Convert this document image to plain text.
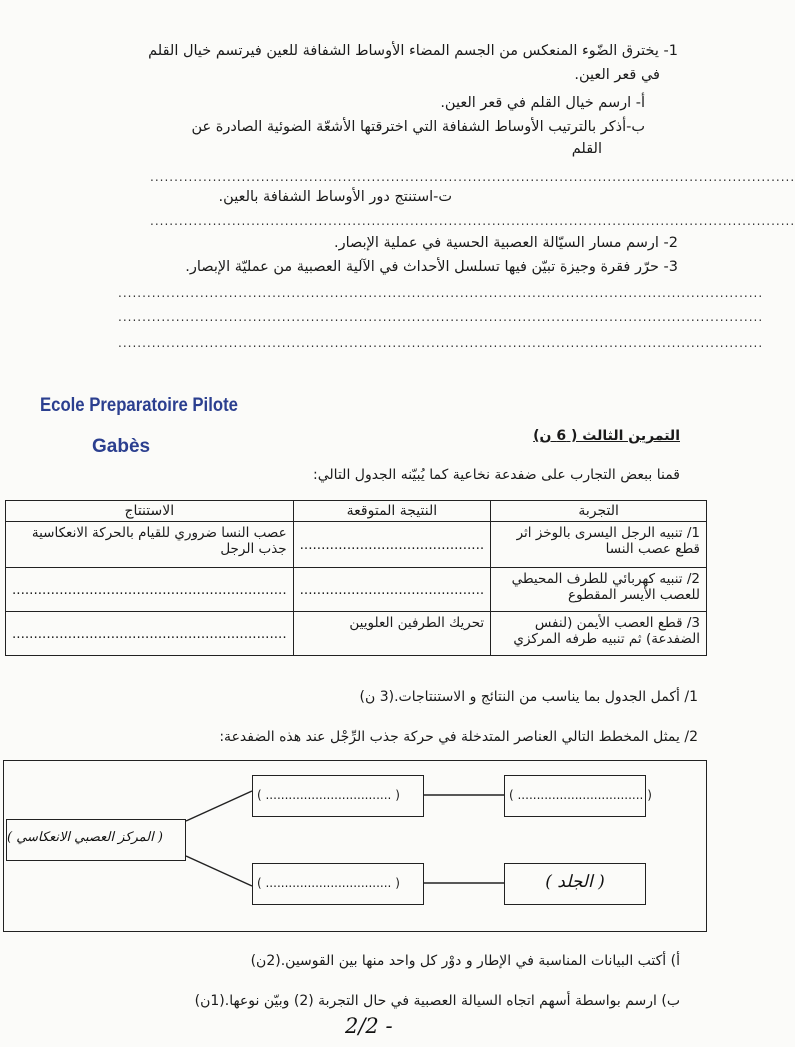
1- يخترق الضّوء المنعكس من الجسم المضاء الأوساط الشفافة للعين فيرتسم خيال القلم
في قعر العين.
أ- ارسم خيال القلم في قعر العين.
ب-أذكر بالترتيب الأوساط الشفافة التي اخترقتها الأشعّة الضوئية الصادرة عن
القلم
......................................................................................................................................
ت-استنتج دور الأوساط الشفافة بالعين.
......................................................................................................................................
2- ارسم مسار السيّالة العصبية الحسية في عملية الإبصار.
3- حرّر فقرة وجيزة تبيّن فيها تسلسل الأحداث في الآلية العصبية من عمليّة الإبصار.
......................................................................................................................................
......................................................................................................................................
......................................................................................................................................
Ecole Preparatoire Pilote
Gabès	التمرين الثالث ( 6 ن)
قمنا ببعض التجارب على ضفدعة نخاعية كما يُبيّنه الجدول التالي:
التجربة	النتيجة المتوقعة	الاستنتاج
1/ تنبيه الرجل اليسرى بالوخز اثر قطع عصب النسا	...........................................	عصب النسا ضروري للقيام بالحركة الانعكاسية جذب الرجل
2/ تنبيه كهربائي للطرف المحيطي للعصب الأيسر المقطوع	...........................................	................................................................
3/ قطع العصب الأيمن (لنفس الضفدعة) ثم تنبيه طرفه المركزي	تحريك الطرفين العلويين	................................................................
1/ أكمل الجدول بما يناسب من النتائج و الاستنتاجات.(3 ن)
2/ يمثل المخطط التالي العناصر المتدخلة في حركة جذب الرِّجْل عند هذه الضفدعة:
( المركز العصبي الانعكاسي )
( ................................. )	( ................................. )
( ................................. )	( الجلد )
أ) أكتب البيانات المناسبة في الإطار و دوْر كل واحد منها بين القوسين.(2ن)
ب) ارسم بواسطة أسهم اتجاه السيالة العصبية في حال التجربة (2) وبيّن نوعها.(1ن)
2/2 -
